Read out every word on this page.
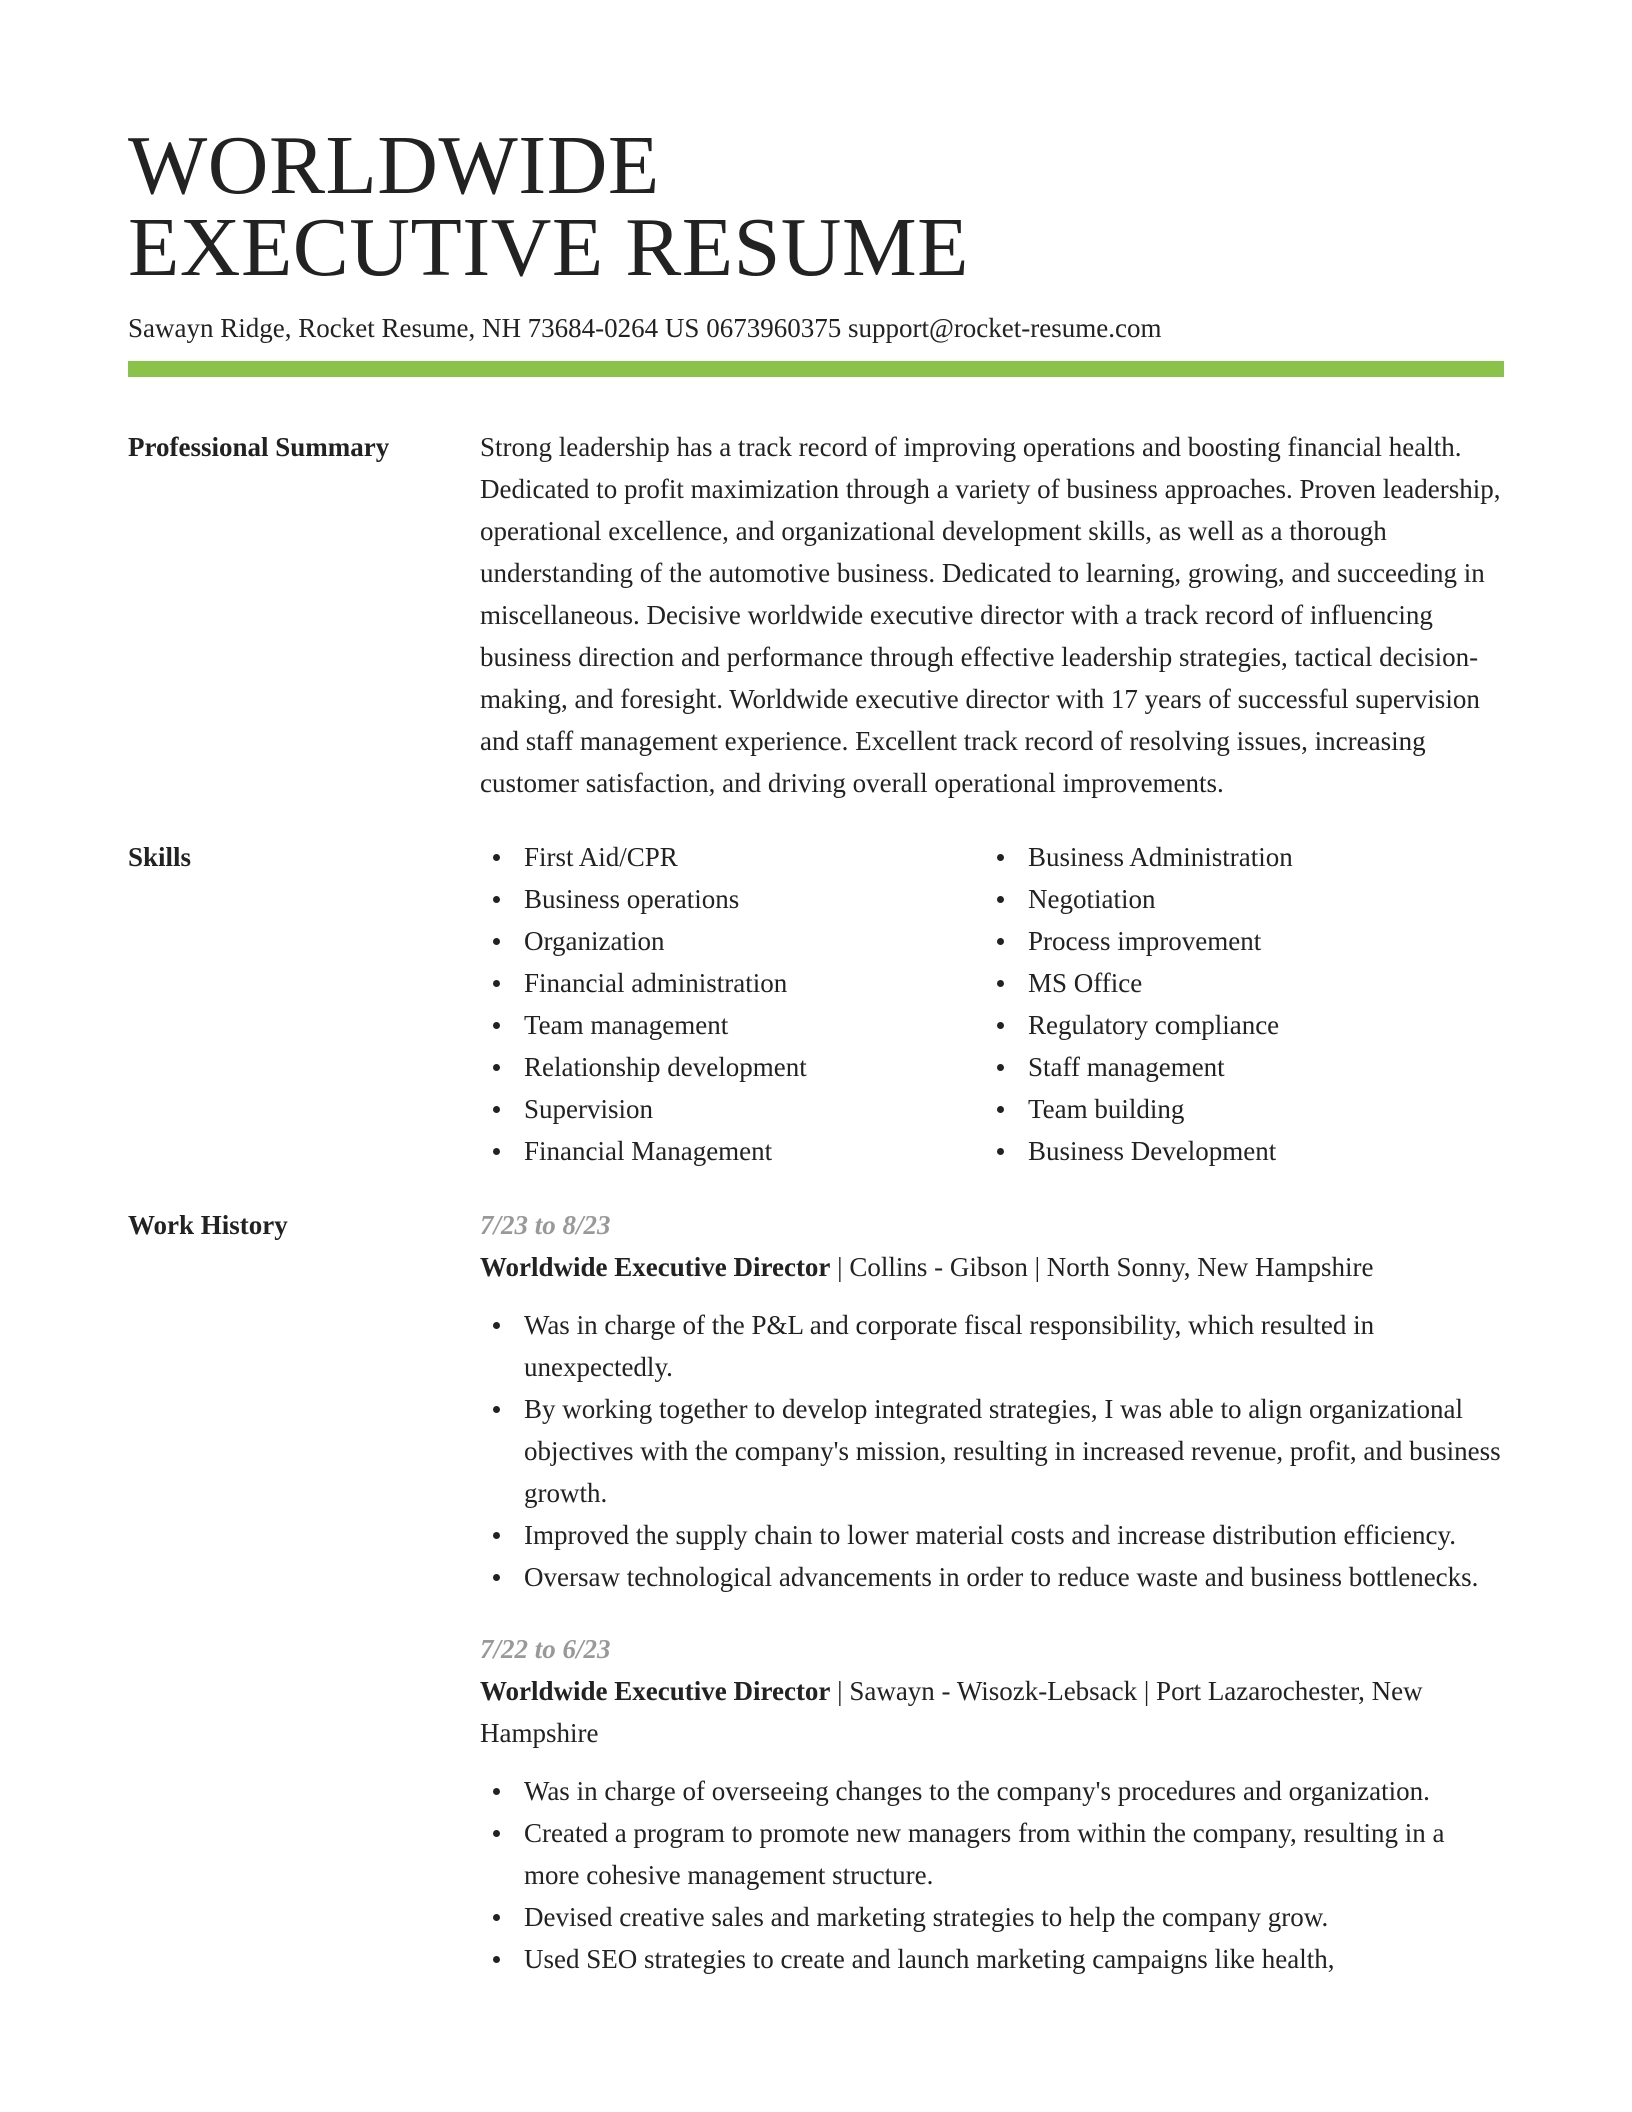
WORLDWIDE
EXECUTIVE RESUME
Sawayn Ridge, Rocket Resume, NH 73684-0264 US 0673960375 support@rocket-resume.com
Professional Summary	Strong leadership has a track record of improving operations and boosting financial health. Dedicated to profit maximization through a variety of business approaches. Proven leadership, operational excellence, and organizational development skills, as well as a thorough understanding of the automotive business. Dedicated to learning, growing, and succeeding in miscellaneous. Decisive worldwide executive director with a track record of influencing business direction and performance through effective leadership strategies, tactical decision-making, and foresight. Worldwide executive director with 17 years of successful supervision and staff management experience. Excellent track record of resolving issues, increasing customer satisfaction, and driving overall operational improvements.

Skills	First Aid/CPR
Business operations
Organization
Financial administration
Team management
Relationship development
Supervision
Financial Management
Business Administration
Negotiation
Process improvement
MS Office
Regulatory compliance
Staff management
Team building
Business Development
Work History	7/23 to 8/23
Worldwide Executive Director | Collins - Gibson | North Sonny, New Hampshire
Was in charge of the P&L and corporate fiscal responsibility, which resulted in unexpectedly.
By working together to develop integrated strategies, I was able to align organizational objectives with the company's mission, resulting in increased revenue, profit, and business growth.
Improved the supply chain to lower material costs and increase distribution efficiency.
Oversaw technological advancements in order to reduce waste and business bottlenecks.
7/22 to 6/23
Worldwide Executive Director | Sawayn - Wisozk-Lebsack | Port Lazarochester, New Hampshire
Was in charge of overseeing changes to the company's procedures and organization.
Created a program to promote new managers from within the company, resulting in a more cohesive management structure.
Devised creative sales and marketing strategies to help the company grow.
Used SEO strategies to create and launch marketing campaigns like health,
